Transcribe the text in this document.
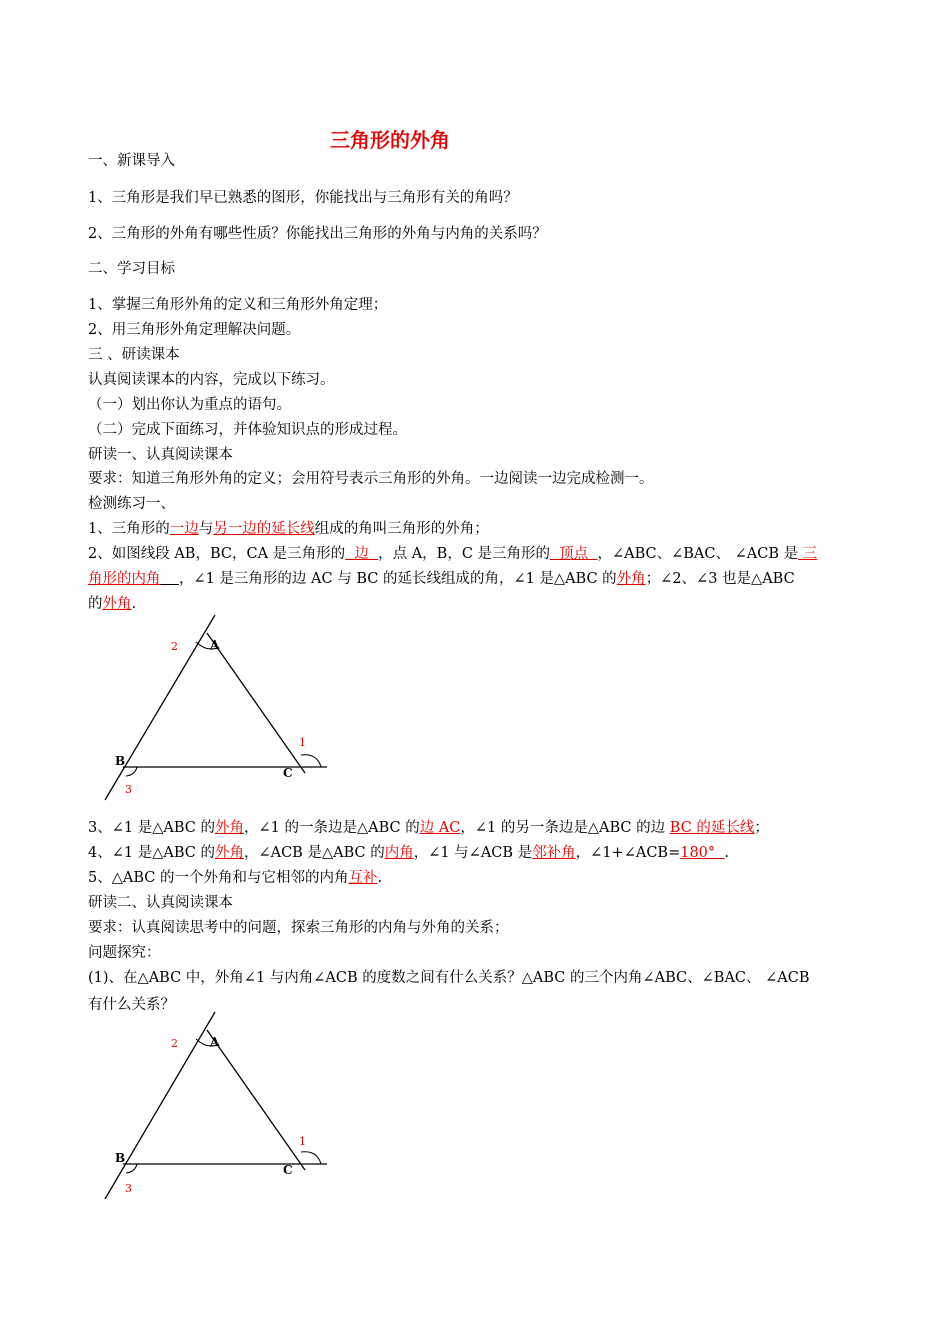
三角形的外角
一、新课导入
1、三角形是我们早已熟悉的图形，你能找出与三角形有关的角吗？
2、三角形的外角有哪些性质？你能找出三角形的外角与内角的关系吗？
二、学习目标
1、掌握三角形外角的定义和三角形外角定理；
2、用三角形外角定理解决问题。
三 、研读课本
认真阅读课本的内容，完成以下练习。
（一）划出你认为重点的语句。
（二）完成下面练习，并体验知识点的形成过程。
研读一、认真阅读课本
要求：知道三角形外角的定义；会用符号表示三角形的外角。一边阅读一边完成检测一。
检测练习一、
1、三角形的一边与另一边的延长线组成的角叫三角形的外角；
2、如图线段 AB，BC，CA 是三角形的  边  ，点 A，B，C 是三角形的  顶点  ，∠ABC、∠BAC、 ∠ACB 是 三
角形的内角 ，∠1 是三角形的边 AC 与 BC 的延长线组成的角，∠1 是△ABC 的外角；∠2、∠3 也是△ABC
的外角.
A
B
C
1
2
3
3、∠1 是△ABC 的外角，∠1 的一条边是△ABC 的边 AC，∠1 的另一条边是△ABC 的边 BC 的延长线；
4、∠1 是△ABC 的外角，∠ACB 是△ABC 的内角，∠1 与∠ACB 是邻补角，∠1+∠ACB=180°  .
5、△ABC 的一个外角和与它相邻的内角互补.
研读二、认真阅读课本
要求：认真阅读思考中的问题，探索三角形的内角与外角的关系；
问题探究：
(1)、在△ABC 中，外角∠1 与内角∠ACB 的度数之间有什么关系？△ABC 的三个内角∠ABC、∠BAC、 ∠ACB
有什么关系？
A
B
C
1
2
3
